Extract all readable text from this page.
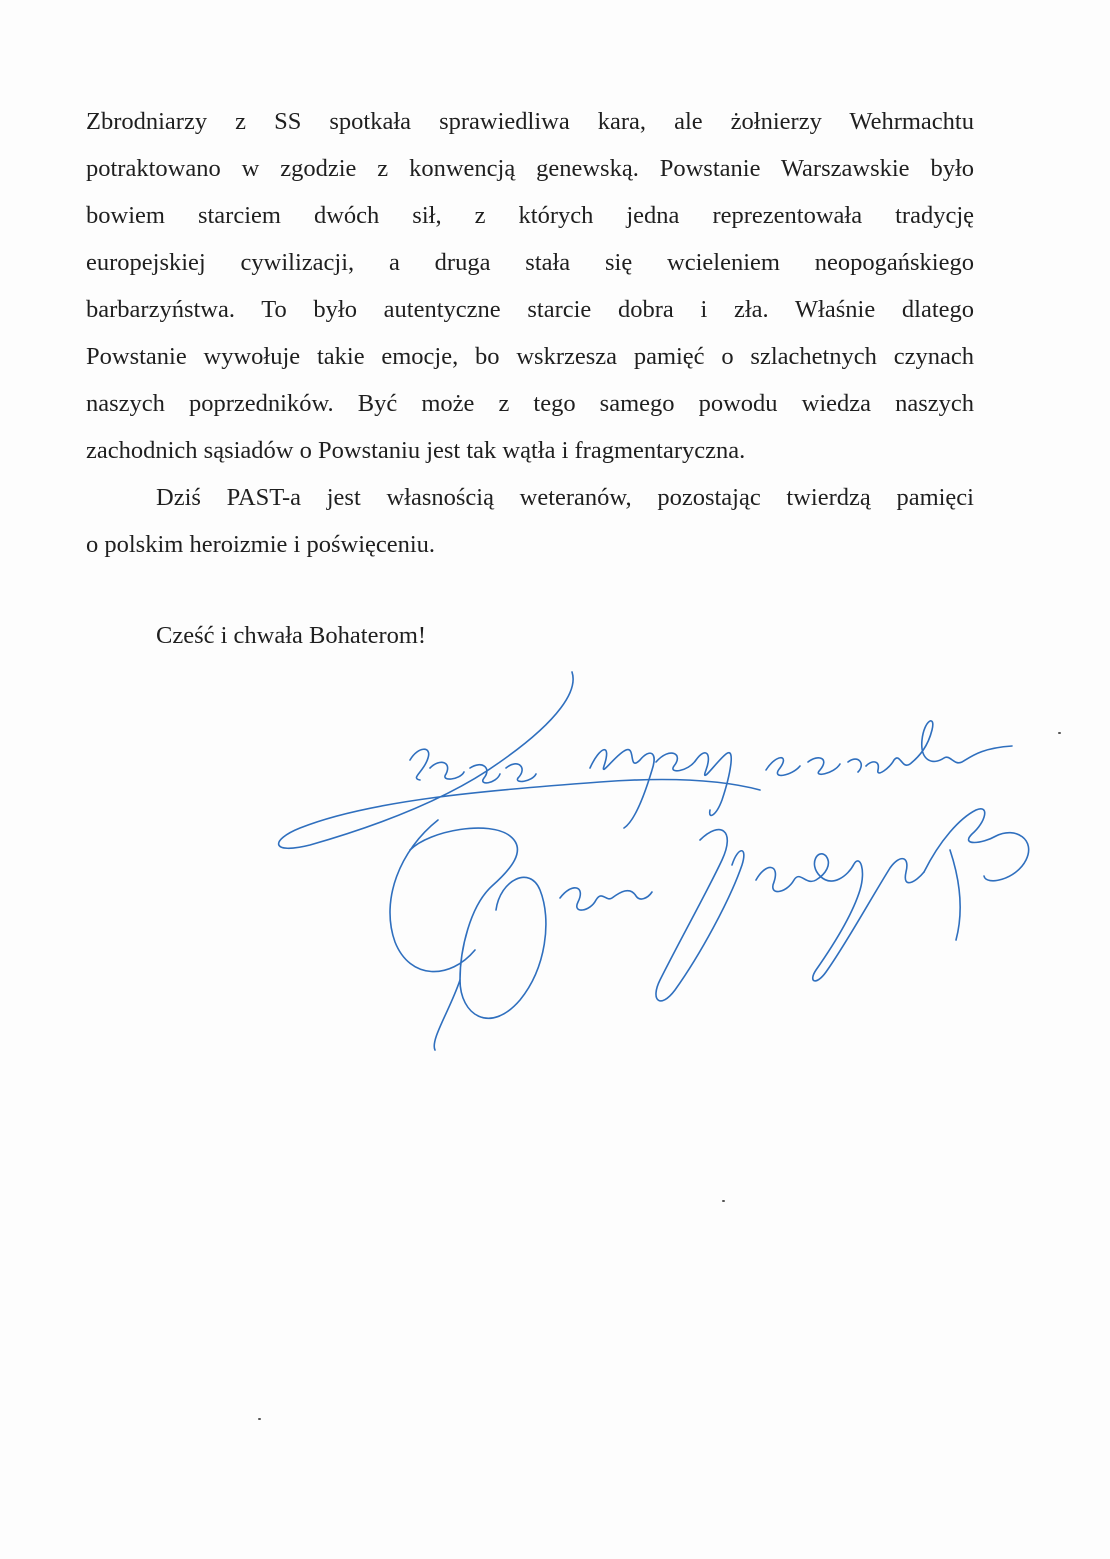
Zbrodniarzy z SS spotkała sprawiedliwa kara, ale żołnierzy Wehrmachtu
potraktowano w zgodzie z konwencją genewską. Powstanie Warszawskie było
bowiem starciem dwóch sił, z których jedna reprezentowała tradycję
europejskiej cywilizacji, a druga stała się wcieleniem neopogańskiego
barbarzyństwa. To było autentyczne starcie dobra i zła. Właśnie dlatego
Powstanie wywołuje takie emocje, bo wskrzesza pamięć o szlachetnych czynach
naszych poprzedników. Być może z tego samego powodu wiedza naszych
zachodnich sąsiadów o Powstaniu jest tak wątła i fragmentaryczna.

Dziś PAST-a jest własnością weteranów, pozostając twierdzą pamięci
o polskim heroizmie i poświęceniu.

Cześć i chwała Bohaterom!
